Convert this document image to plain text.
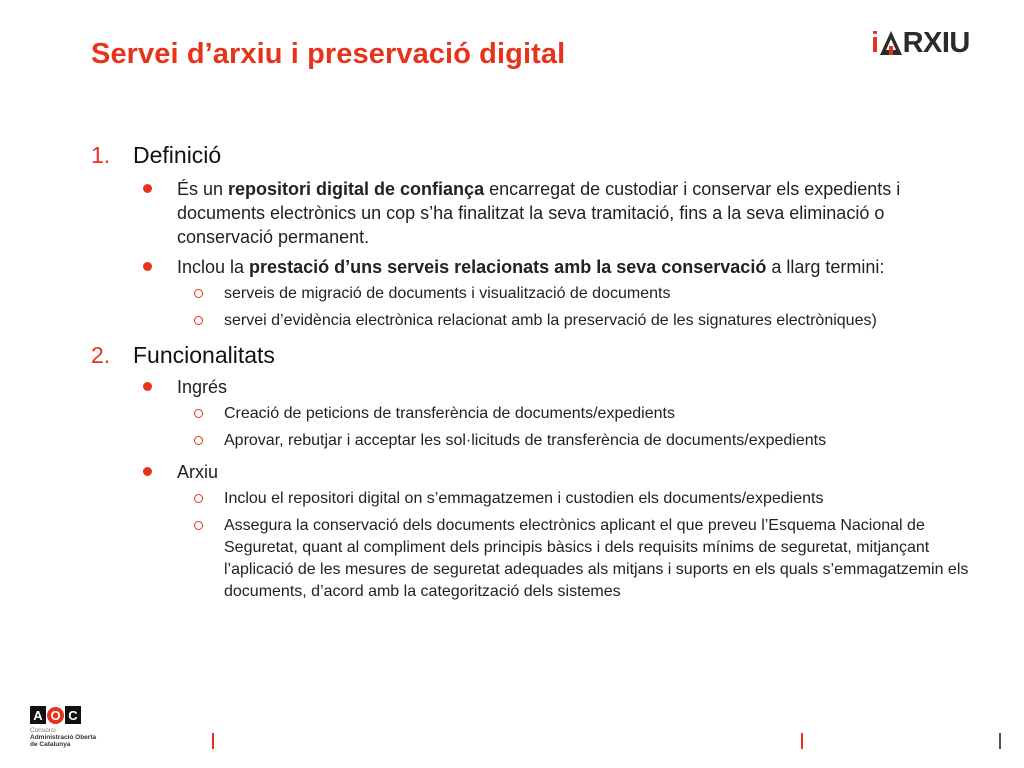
Servei d’arxiu i preservació digital	i RXIU
1. Definició
És un repositori digital de confiança encarregat de custodiar i conservar els expedients i documents electrònics un cop s’ha finalitzat la seva tramitació, fins a la seva eliminació o conservació permanent.
Inclou la prestació d’uns serveis relacionats amb la seva conservació a llarg termini:
serveis de migració de documents i visualització de documents
servei d’evidència electrònica relacionat amb la preservació de les signatures electròniques)
2. Funcionalitats
Ingrés
Creació de peticions de transferència de documents/expedients
Aprovar, rebutjar i acceptar les sol·licituds de transferència de documents/expedients
Arxiu
Inclou el repositori digital on s’emmagatzemen i custodien els documents/expedients
Assegura la conservació dels documents electrònics aplicant el que preveu l’Esquema Nacional de Seguretat, quant al compliment dels principis bàsics i dels requisits mínims de seguretat, mitjançant l’aplicació de les mesures de seguretat adequades als mitjans i suports en els quals s’emmagatzemin els documents, d’acord amb la categorització dels sistemes
A O C
Consorci
Administració Oberta
de Catalunya
